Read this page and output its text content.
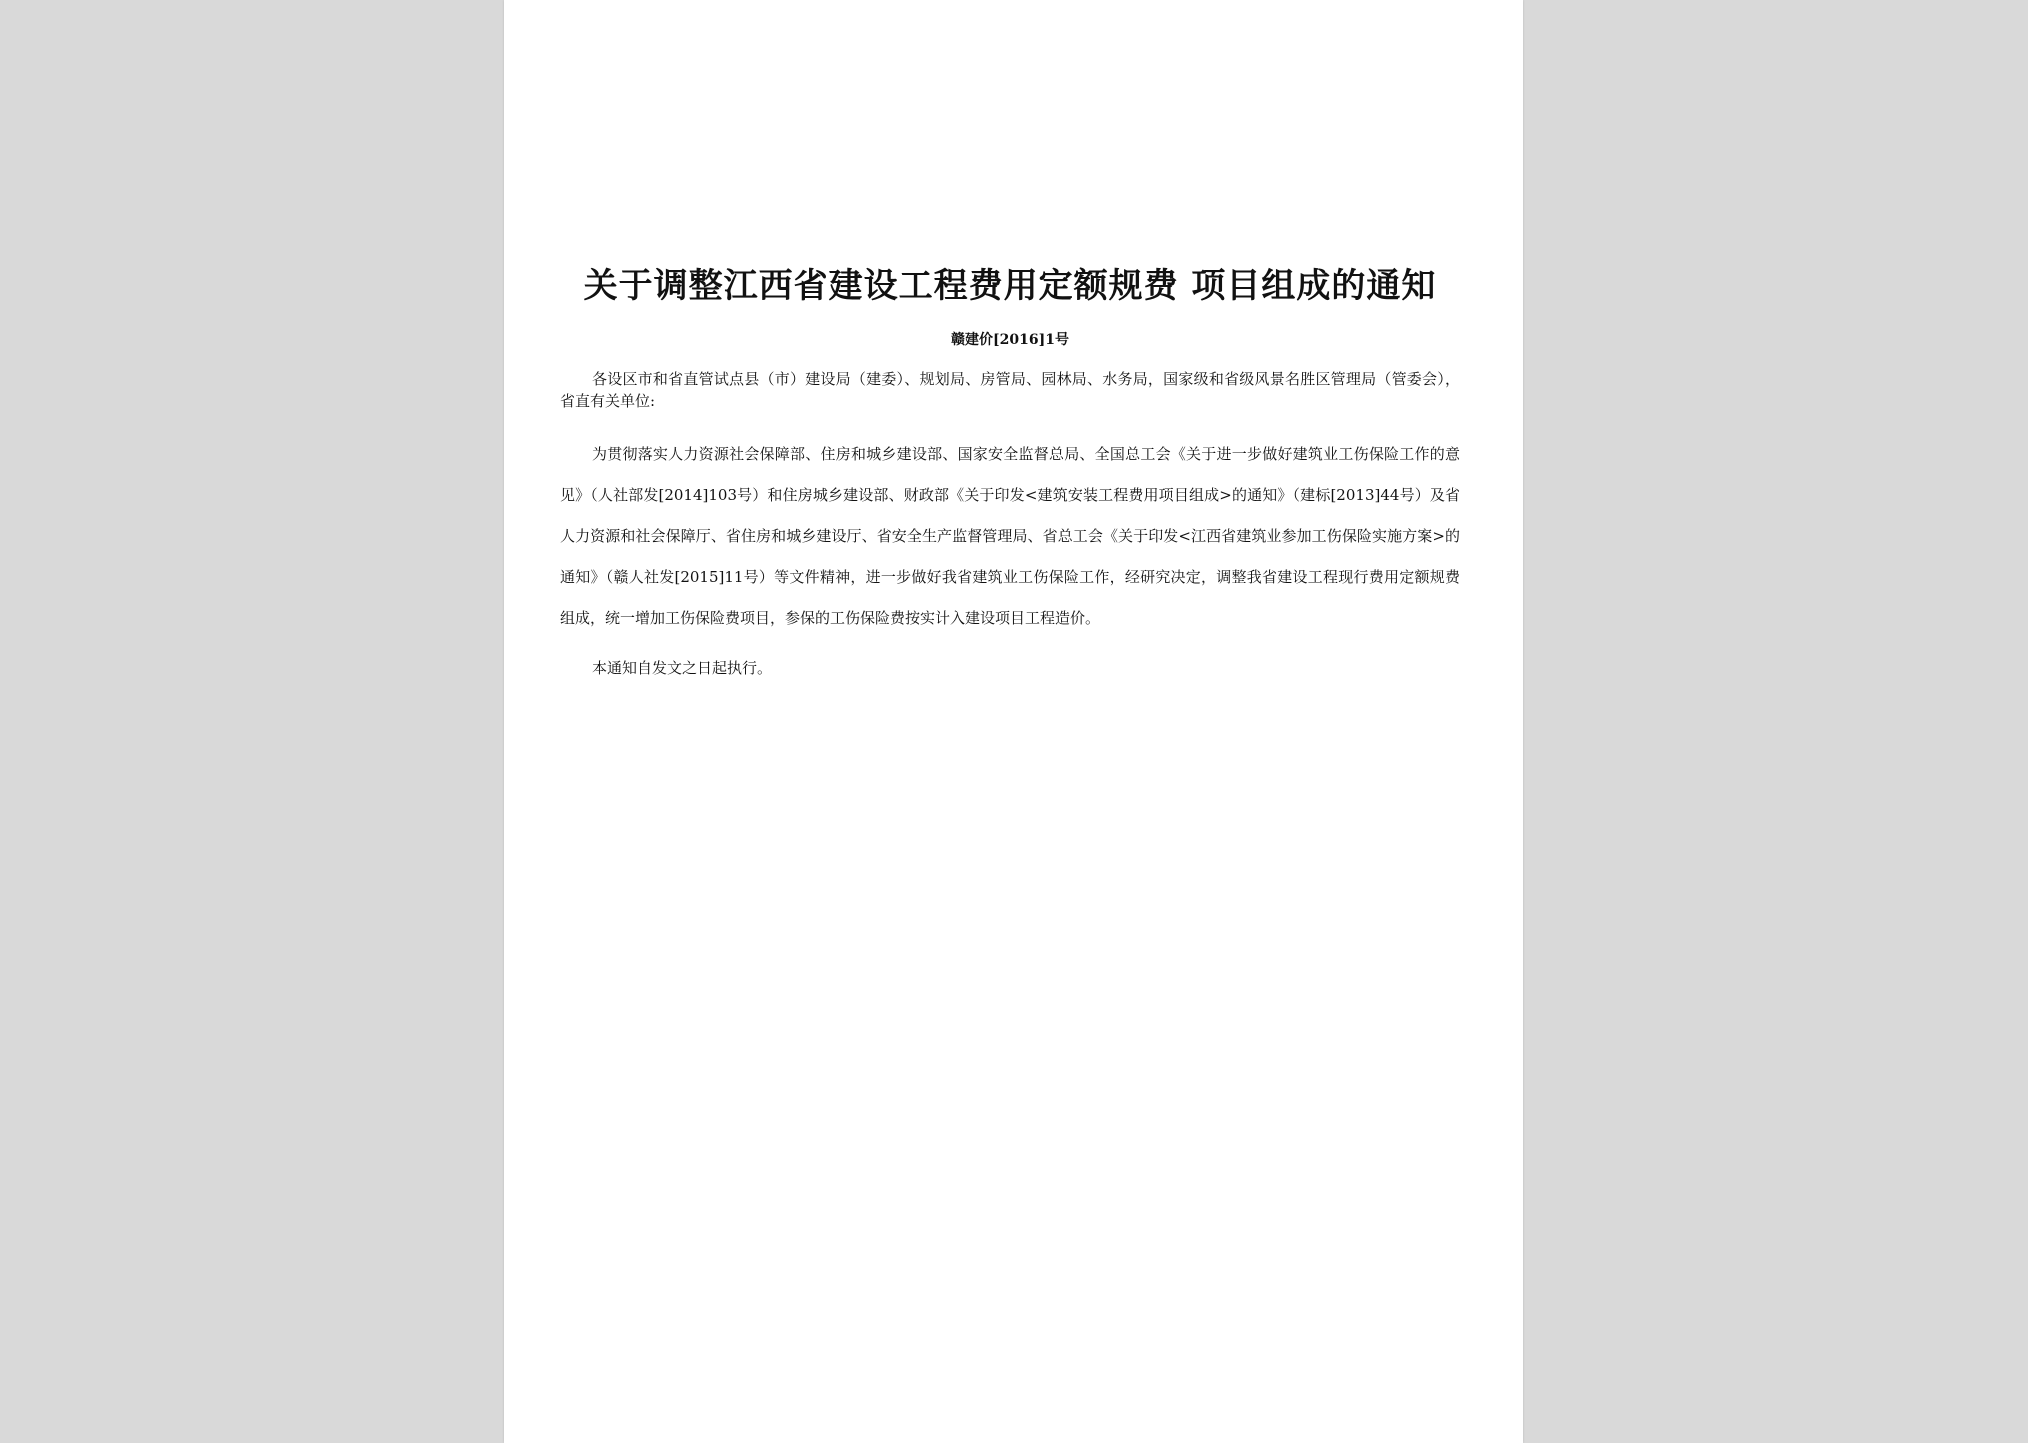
关于调整江西省建设工程费用定额规费 项目组成的通知
赣建价[2016]1号

各设区市和省直管试点县（市）建设局（建委）、规划局、房管局、园林局、水务局，国家级和省级风景名胜区管理局（管委会），省直有关单位:

为贯彻落实人力资源社会保障部、住房和城乡建设部、国家安全监督总局、全国总工会《关于进一步做好建筑业工伤保险工作的意见》（人社部发[2014]103号）和住房城乡建设部、财政部《关于印发<建筑安装工程费用项目组成>的通知》（建标[2013]44号）及省人力资源和社会保障厅、省住房和城乡建设厅、省安全生产监督管理局、省总工会《关于印发<江西省建筑业参加工伤保险实施方案>的通知》（赣人社发[2015]11号）等文件精神，进一步做好我省建筑业工伤保险工作，经研究决定，调整我省建设工程现行费用定额规费组成，统一增加工伤保险费项目，参保的工伤保险费按实计入建设项目工程造价。

本通知自发文之日起执行。
